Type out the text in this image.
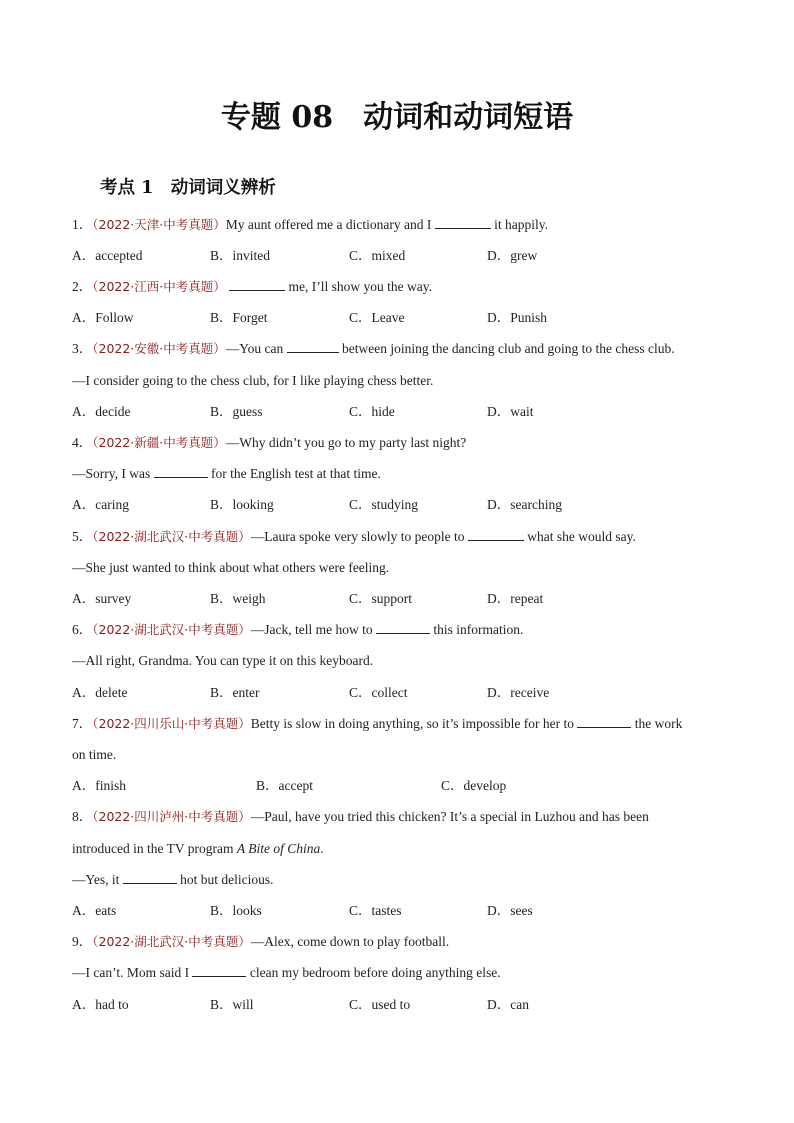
专题 08　动词和动词短语
考点 1　动词词义辨析
1．（2022·天津·中考真题）My aunt offered me a dictionary and I	it happily.
A．accepted	B．invited	C．mixed	D．grew
2．（2022·江西·中考真题）	me, I’ll show you the way.
A．Follow	B．Forget	C．Leave	D．Punish
3．（2022·安徽·中考真题）—You can	between joining the dancing club and going to the chess club.
—I consider going to the chess club, for I like playing chess better.
A．decide	B．guess	C．hide	D．wait
4．（2022·新疆·中考真题）—Why didn’t you go to my party last night?
—Sorry, I was	for the English test at that time.
A．caring	B．looking	C．studying	D．searching
5．（2022·湖北武汉·中考真题）—Laura spoke very slowly to people to	what she would say.
—She just wanted to think about what others were feeling.
A．survey	B．weigh	C．support	D．repeat
6．（2022·湖北武汉·中考真题）—Jack, tell me how to	this information.
—All right, Grandma. You can type it on this keyboard.
A．delete	B．enter	C．collect	D．receive
7．（2022·四川乐山·中考真题）Betty is slow in doing anything, so it’s impossible for her to	the work
on time.
A．finish	B．accept	C．develop
8．（2022·四川泸州·中考真题）—Paul, have you tried this chicken? It’s a special in Luzhou and has been
introduced in the TV program A Bite of China.
—Yes, it	hot but delicious.
A．eats	B．looks	C．tastes	D．sees
9．（2022·湖北武汉·中考真题）—Alex, come down to play football.
—I can’t. Mom said I	clean my bedroom before doing anything else.
A．had to	B．will	C．used to	D．can
